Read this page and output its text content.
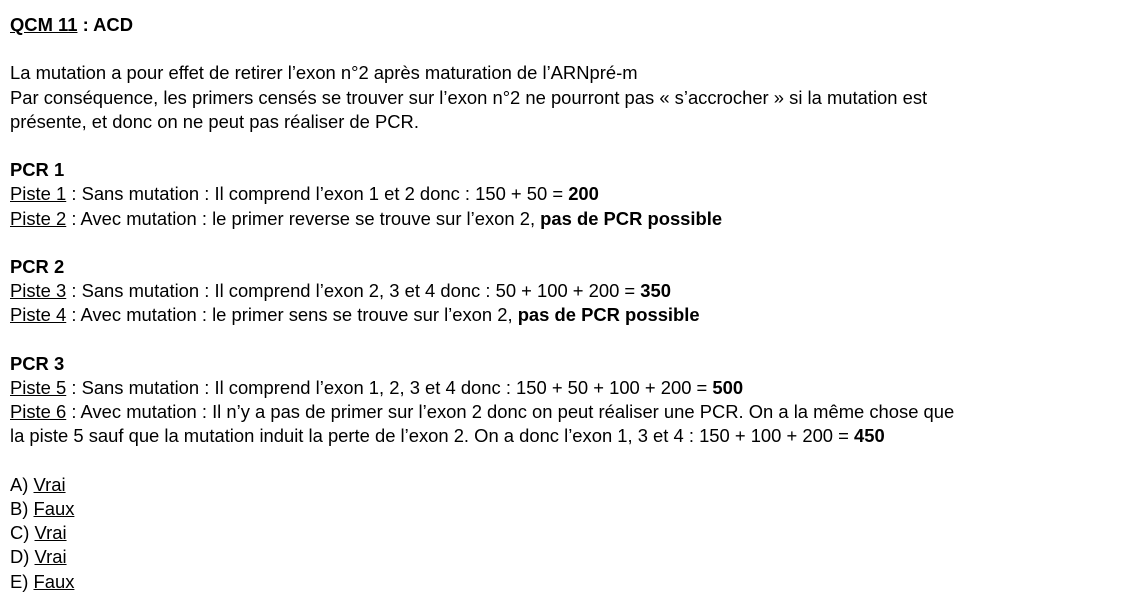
QCM 11 : ACD

La mutation a pour effet de retirer l’exon n°2 après maturation de l’ARNpré-m

Par conséquence, les primers censés se trouver sur l’exon n°2 ne pourront pas « s’accrocher » si la mutation est

présente, et donc on ne peut pas réaliser de PCR.

PCR 1

Piste 1 : Sans mutation : Il comprend l’exon 1 et 2 donc : 150 + 50 = 200

Piste 2 : Avec mutation : le primer reverse se trouve sur l’exon 2, pas de PCR possible

PCR 2

Piste 3 : Sans mutation : Il comprend l’exon 2, 3 et 4 donc : 50 + 100 + 200 = 350

Piste 4 : Avec mutation : le primer sens se trouve sur l’exon 2, pas de PCR possible

PCR 3

Piste 5 : Sans mutation : Il comprend l’exon 1, 2, 3 et 4 donc : 150 + 50 + 100 + 200 = 500

Piste 6 : Avec mutation : Il n’y a pas de primer sur l’exon 2 donc on peut réaliser une PCR. On a la même chose que

la piste 5 sauf que la mutation induit la perte de l’exon 2. On a donc l’exon 1, 3 et 4 : 150 + 100 + 200 = 450

A) Vrai

B) Faux

C) Vrai

D) Vrai

E) Faux
